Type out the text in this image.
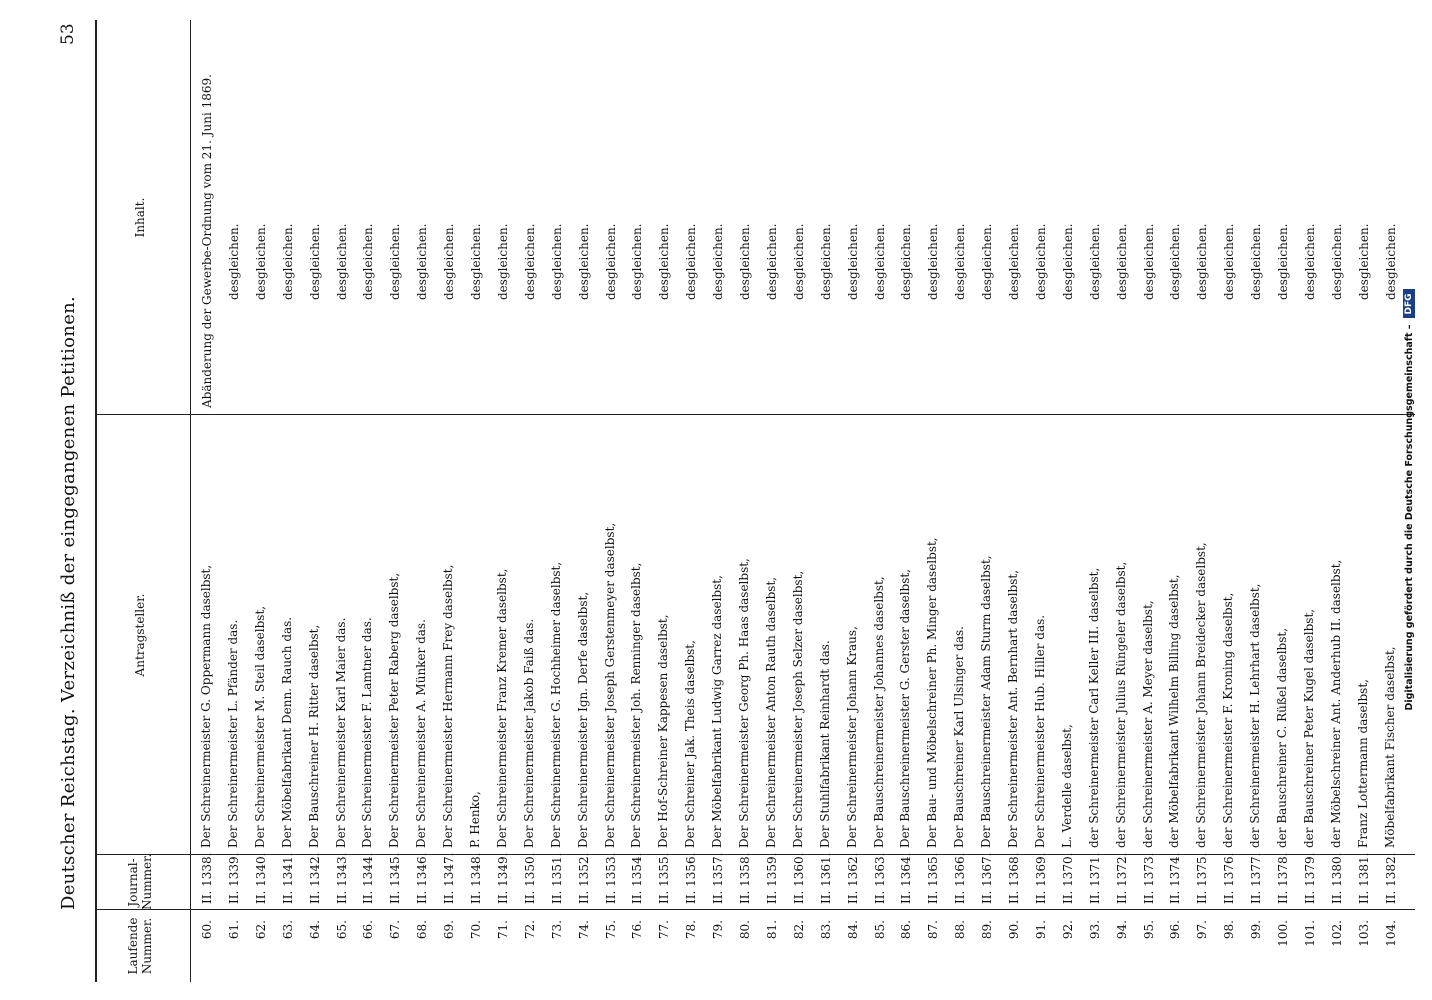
Deutscher Reichstag. Verzeichniß der eingegangenen Petitionen.
53
Laufende Nummer.
Journal-Nummer.
Antragsteller.
Inhalt.
60.
II. 1338.
Der Schreinermeister G. Oppermann daselbst,
Abänderung der Gewerbe-Ordnung vom 21. Juni 1869.
61.
II. 1339.
Der Schreinermeister L. Pfänder das.
desgleichen.
62.
II. 1340.
Der Schreinermeister M. Steil daselbst,
desgleichen.
63.
II. 1341.
Der Möbelfabrikant Denn. Rauch das.
desgleichen.
64.
II. 1342.
Der Bauschreiner H. Ritter daselbst,
desgleichen.
65.
II. 1343.
Der Schreinermeister Karl Maier das.
desgleichen.
66.
II. 1344.
Der Schreinermeister F. Lamtner das.
desgleichen.
67.
II. 1345.
Der Schreinermeister Peter Raberg daselbst,
desgleichen.
68.
II. 1346.
Der Schreinermeister A. Münker das.
desgleichen.
69.
II. 1347.
Der Schreinermeister Hermann Frey daselbst,
desgleichen.
70.
II. 1348.
P. Henko,
desgleichen.
71.
II. 1349.
Der Schreinermeister Franz Kremer daselbst,
desgleichen.
72.
II. 1350.
Der Schreinermeister Jakob Faiß das.
desgleichen.
73.
II. 1351.
Der Schreinermeister G. Hochheimer daselbst,
desgleichen.
74.
II. 1352.
Der Schreinermeister Ign. Derfe daselbst,
desgleichen.
75.
II. 1353.
Der Schreinermeister Joseph Gerstenmeyer daselbst,
desgleichen.
76.
II. 1354.
Der Schreinermeister Joh. Renninger daselbst,
desgleichen.
77.
II. 1355.
Der Hof-Schreiner Kappesen daselbst,
desgleichen.
78.
II. 1356.
Der Schreiner Jak. Theis daselbst,
desgleichen.
79.
II. 1357.
Der Möbelfabrikant Ludwig Garrez daselbst,
desgleichen.
80.
II. 1358.
Der Schreinermeister Georg Ph. Haas daselbst,
desgleichen.
81.
II. 1359.
Der Schreinermeister Anton Rauth daselbst,
desgleichen.
82.
II. 1360.
Der Schreinermeister Joseph Selzer daselbst,
desgleichen.
83.
II. 1361.
Der Stuhlfabrikant Reinhardt das.
desgleichen.
84.
II. 1362.
Der Schreinermeister Johann Kraus,
desgleichen.
85.
II. 1363.
Der Bauschreinermeister Johannes daselbst,
desgleichen.
86.
II. 1364.
Der Bauschreinermeister G. Gerster daselbst,
desgleichen.
87.
II. 1365.
Der Bau- und Möbelschreiner Ph. Minger daselbst,
desgleichen.
88.
II. 1366.
Der Bauschreiner Karl Ulsinger das.
desgleichen.
89.
II. 1367.
Der Bauschreinermeister Adam Sturm daselbst,
desgleichen.
90.
II. 1368.
Der Schreinermeister Ant. Bernhart daselbst,
desgleichen.
91.
II. 1369.
Der Schreinermeister Hub. Hiller das.
desgleichen.
92.
II. 1370.
L. Verdelle daselbst,
desgleichen.
93.
II. 1371.
der Schreinermeister Carl Keller III. daselbst,
desgleichen.
94.
II. 1372.
der Schreinermeister Julius Rüngeler daselbst,
desgleichen.
95.
II. 1373.
der Schreinermeister A. Meyer daselbst,
desgleichen.
96.
II. 1374.
der Möbelfabrikant Wilhelm Billing daselbst,
desgleichen.
97.
II. 1375.
der Schreinermeister Johann Breidecker daselbst,
desgleichen.
98.
II. 1376.
der Schreinermeister F. Kroning daselbst,
desgleichen.
99.
II. 1377.
der Schreinermeister H. Lehrhart daselbst,
desgleichen.
100.
II. 1378.
der Bauschreiner C. Rüßel daselbst,
desgleichen.
101.
II. 1379.
der Bauschreiner Peter Kugel daselbst,
desgleichen.
102.
II. 1380.
der Möbelschreiner Ant. Anderhub II. daselbst,
desgleichen.
103.
II. 1381.
Franz Lottermann daselbst,
desgleichen.
104.
II. 1382.
Möbelfabrikant Fischer daselbst,
desgleichen.
Digitalisierung gefördert durch die Deutsche Forschungsgemeinschaft –
DFG
